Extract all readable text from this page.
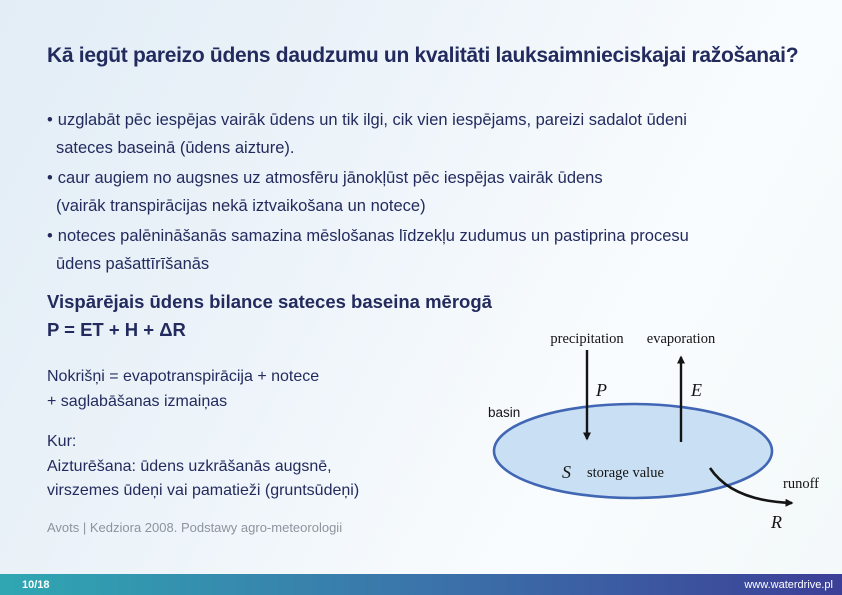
Kā iegūt pareizo ūdens daudzumu un kvalitāti lauksaimnieciskajai ražošanai?
• uzglabāt pēc iespējas vairāk ūdens un tik ilgi, cik vien iespējams, pareizi sadalot ūdeni
sateces baseinā (ūdens aizture).
• caur augiem no augsnes uz atmosfēru jānokļūst pēc iespējas vairāk ūdens
(vairāk transpirācijas nekā iztvaikošana un notece)
• noteces palēnināšanās samazina mēslošanas līdzekļu zudumus un pastiprina procesu
ūdens pašattīrīšanās
Vispārējais ūdens bilance sateces baseina mērogā
P = ET + H + ΔR
Nokrišņi = evapotranspirācija + notece
+ saglabāšanas izmaiņas
Kur:
Aizturēšana: ūdens uzkrāšanās augsnē,
virszemes ūdeņi vai pamatieži (gruntsūdeņi)
Avots | Kedziora 2008. Podstawy agro-meteorologii
precipitation evaporation
P	E
basin
S storage value
runoff
R
10/18	www.waterdrive.pl
